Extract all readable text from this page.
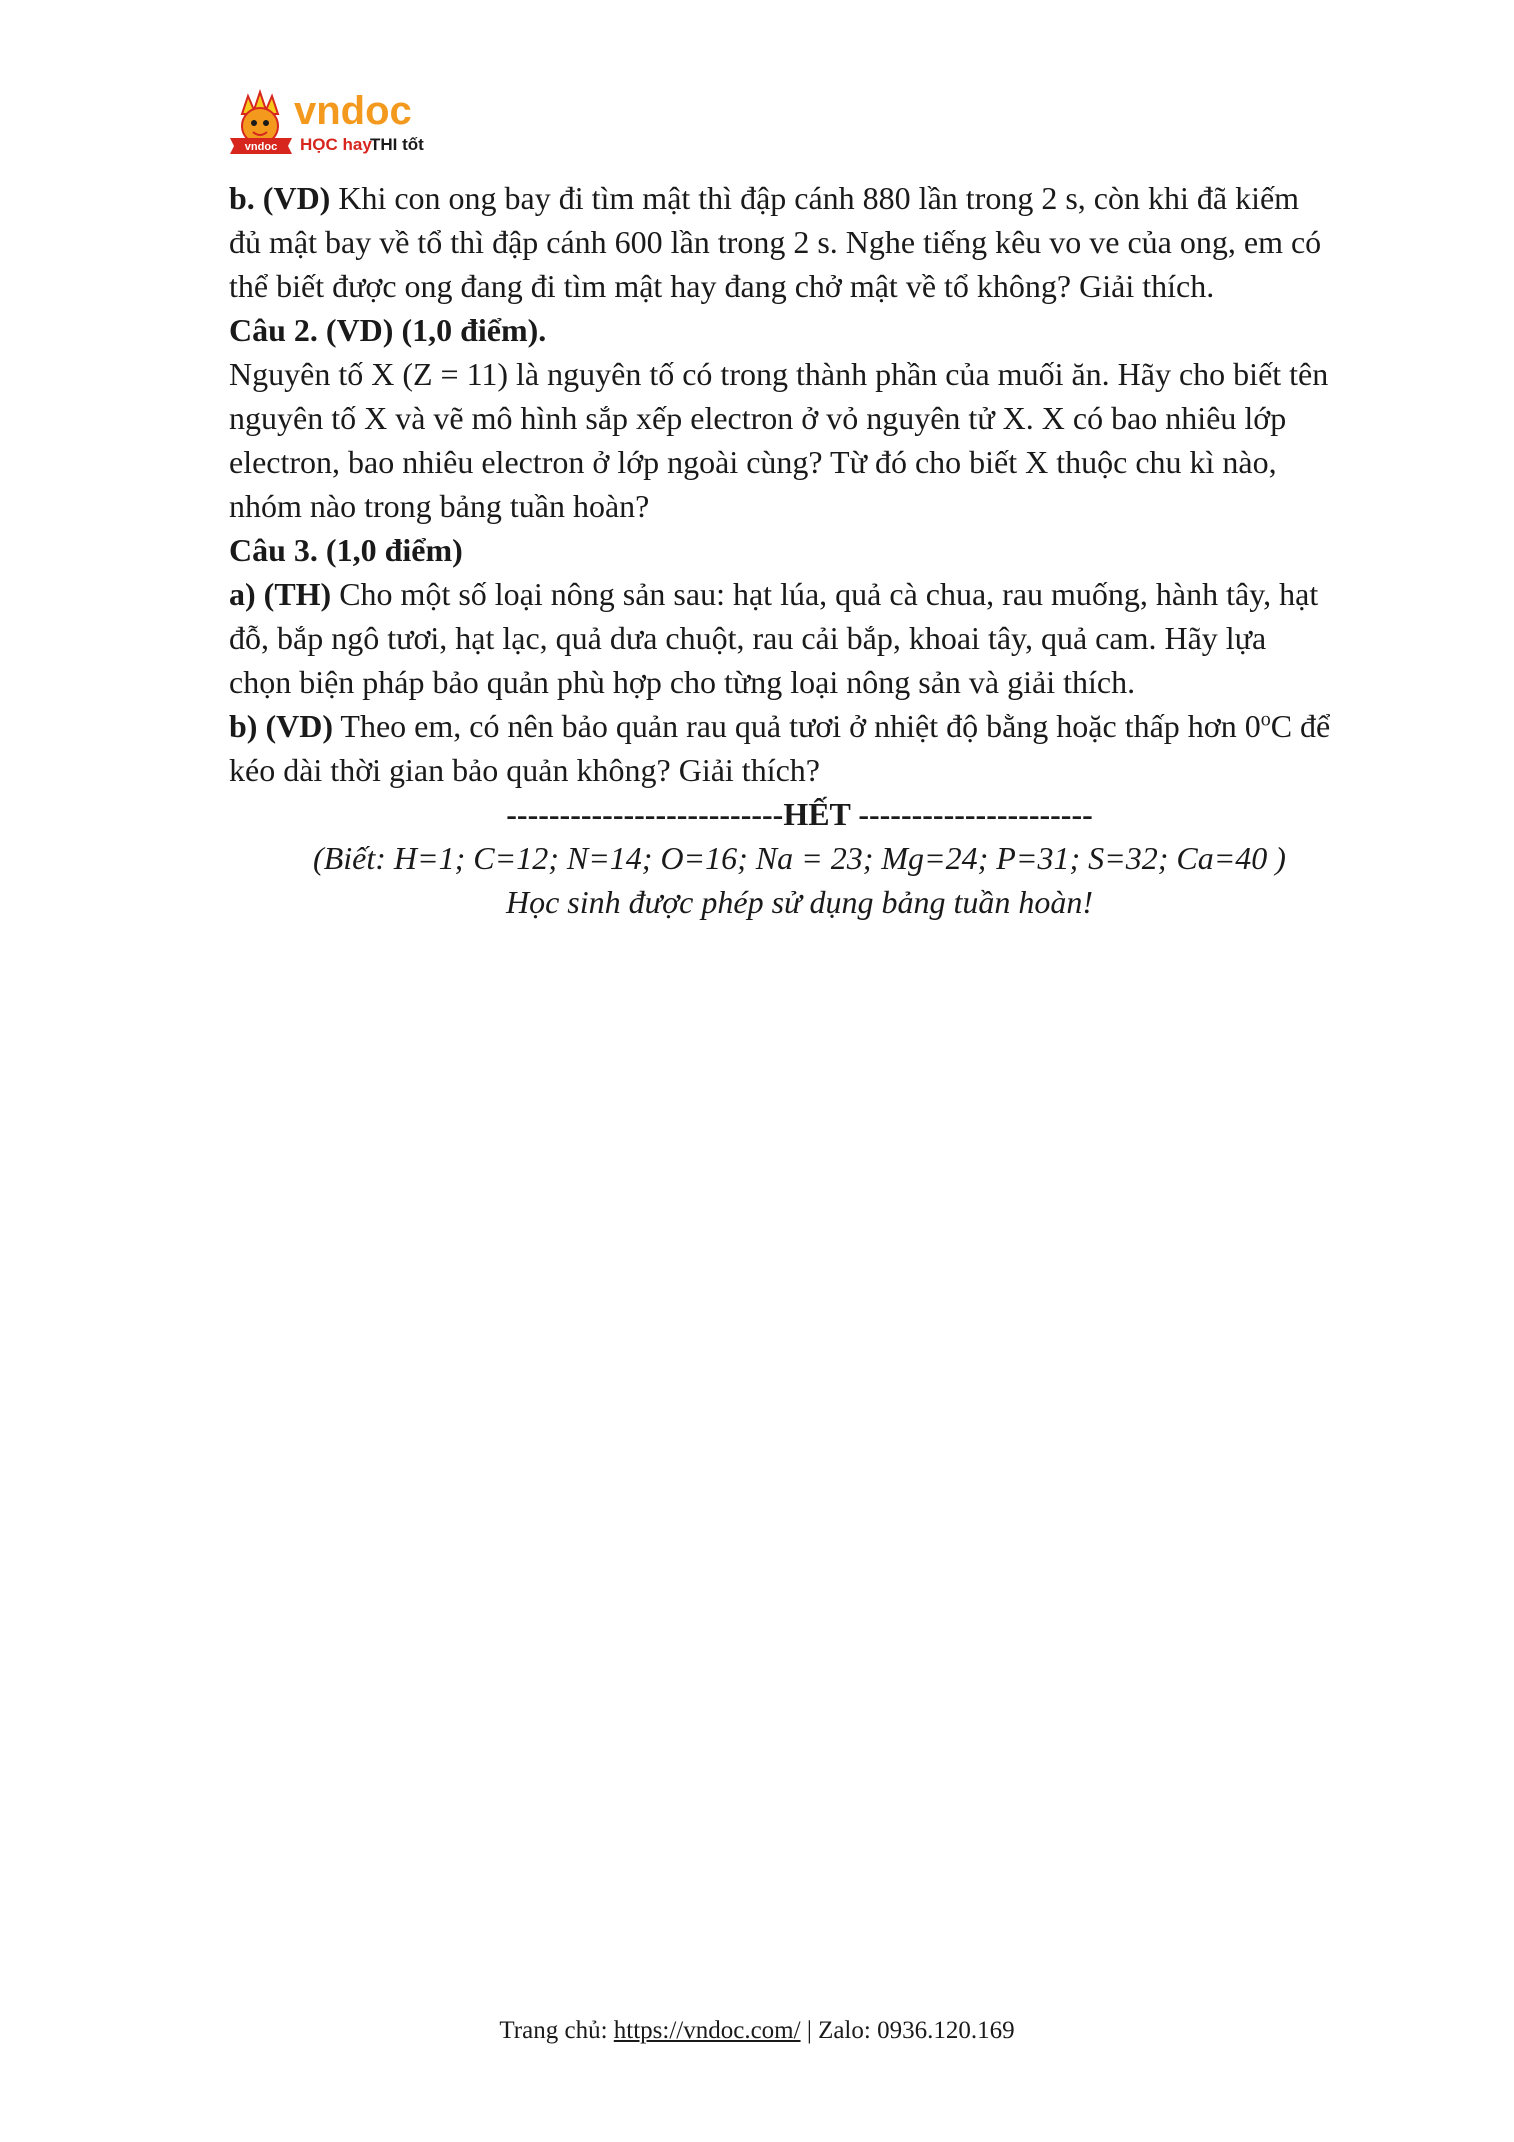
vndoc
vndoc
HỌC hay
THI tốt

b. (VD) Khi con ong bay đi tìm mật thì đập cánh 880 lần trong 2 s, còn khi đã kiếm

đủ mật bay về tổ thì đập cánh 600 lần trong 2 s. Nghe tiếng kêu vo ve của ong, em có

thể biết được ong đang đi tìm mật hay đang chở mật về tổ không? Giải thích.

Câu 2. (VD) (1,0 điểm).

Nguyên tố X (Z = 11) là nguyên tố có trong thành phần của muối ăn. Hãy cho biết tên

nguyên tố X và vẽ mô hình sắp xếp electron ở vỏ nguyên tử X. X có bao nhiêu lớp

electron, bao nhiêu electron ở lớp ngoài cùng? Từ đó cho biết X thuộc chu kì nào,

nhóm nào trong bảng tuần hoàn?

Câu 3. (1,0 điểm)

a) (TH) Cho một số loại nông sản sau: hạt lúa, quả cà chua, rau muống, hành tây, hạt

đỗ, bắp ngô tươi, hạt lạc, quả dưa chuột, rau cải bắp, khoai tây, quả cam. Hãy lựa

chọn biện pháp bảo quản phù hợp cho từng loại nông sản và giải thích.

b) (VD) Theo em, có nên bảo quản rau quả tươi ở nhiệt độ bằng hoặc thấp hơn 0$^o$C để

kéo dài thời gian bảo quản không? Giải thích?

--------------------------HẾT ----------------------

(Biết: H=1; C=12; N=14; O=16; Na = 23; Mg=24; P=31; S=32; Ca=40 )

Học sinh được phép sử dụng bảng tuần hoàn!

Trang chủ: https://vndoc.com/ | Zalo: 0936.120.169
